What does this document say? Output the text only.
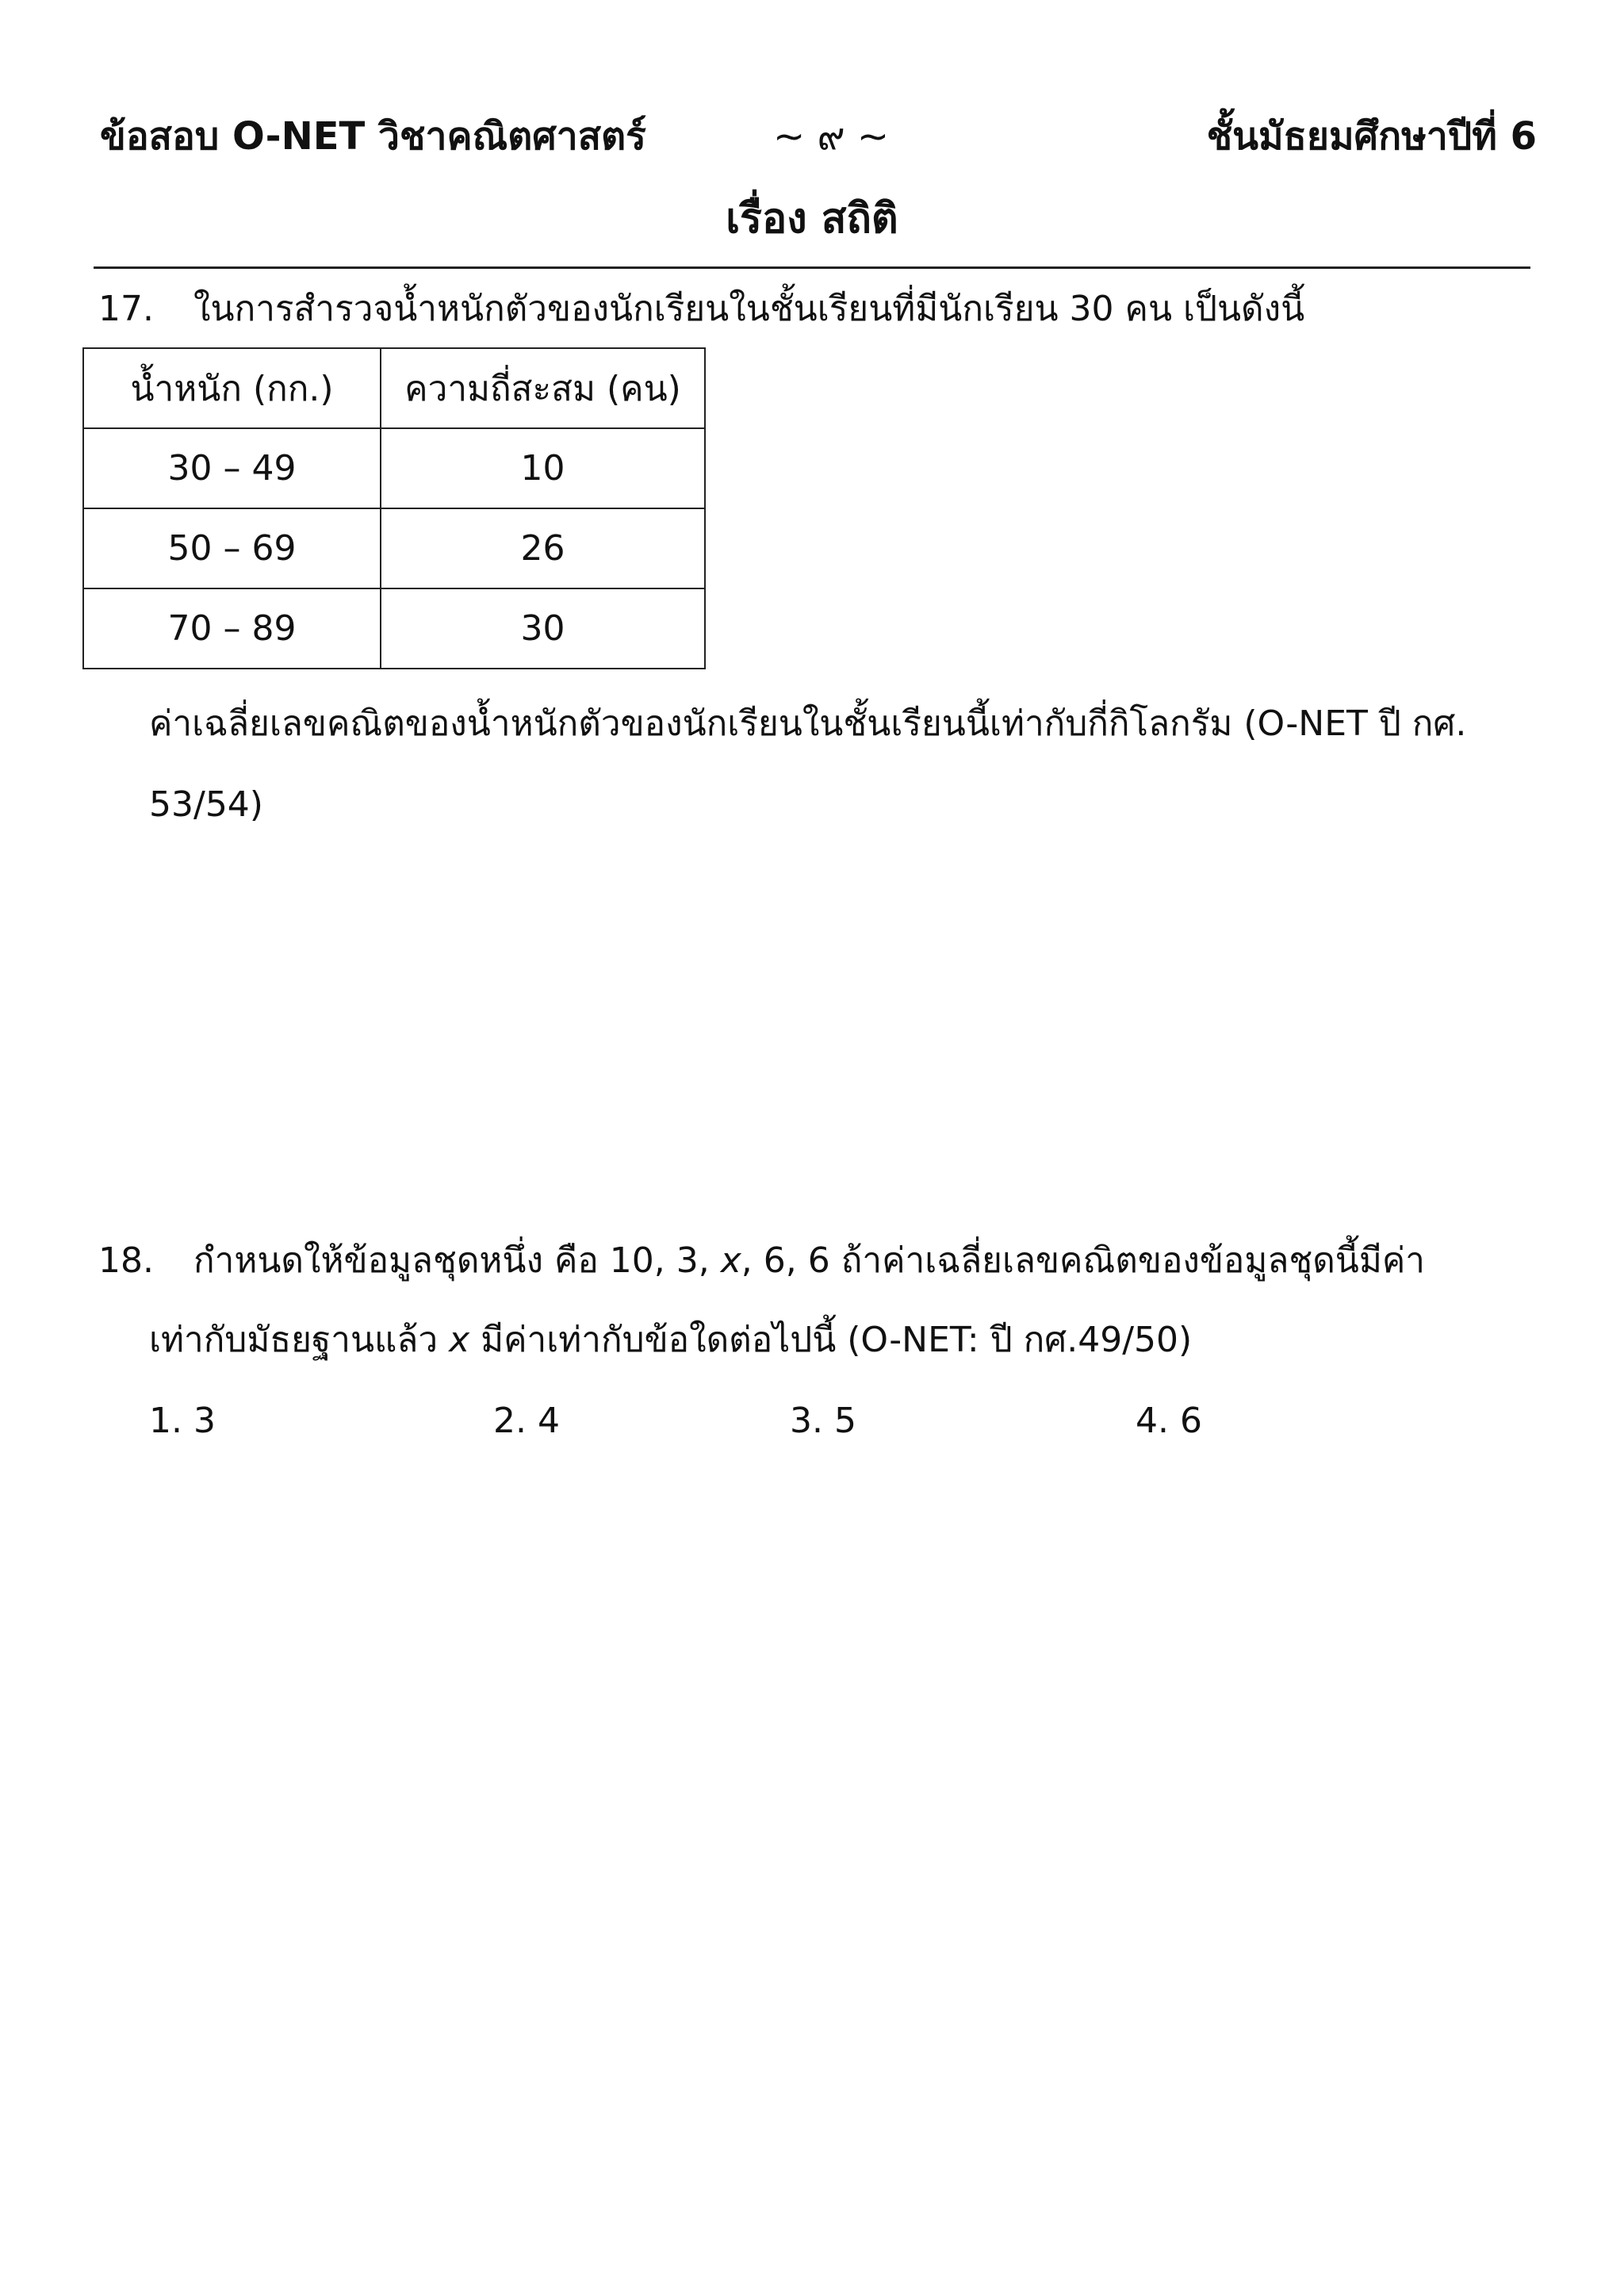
ข้อสอบ O-NET วิชาคณิตศาสตร์	~ ๙ ~	ชั้นมัธยมศึกษาปีที่ 6
เรื่อง สถิติ
17. ในการสำรวจน้ำหนักตัวของนักเรียนในชั้นเรียนที่มีนักเรียน 30 คน เป็นดังนี้
น้ำหนัก (กก.)	ความถี่สะสม (คน)
30 – 49	10
50 – 69	26
70 – 89	30
ค่าเฉลี่ยเลขคณิตของน้ำหนักตัวของนักเรียนในชั้นเรียนนี้เท่ากับกี่กิโลกรัม (O-NET ปี กศ. 53/54)
18. กำหนดให้ข้อมูลชุดหนึ่ง คือ 10, 3, x, 6, 6 ถ้าค่าเฉลี่ยเลขคณิตของข้อมูลชุดนี้มีค่า
เท่ากับมัธยฐานแล้ว x มีค่าเท่ากับข้อใดต่อไปนี้ (O-NET: ปี กศ.49/50)
1. 3	2. 4	3. 5	4. 6
